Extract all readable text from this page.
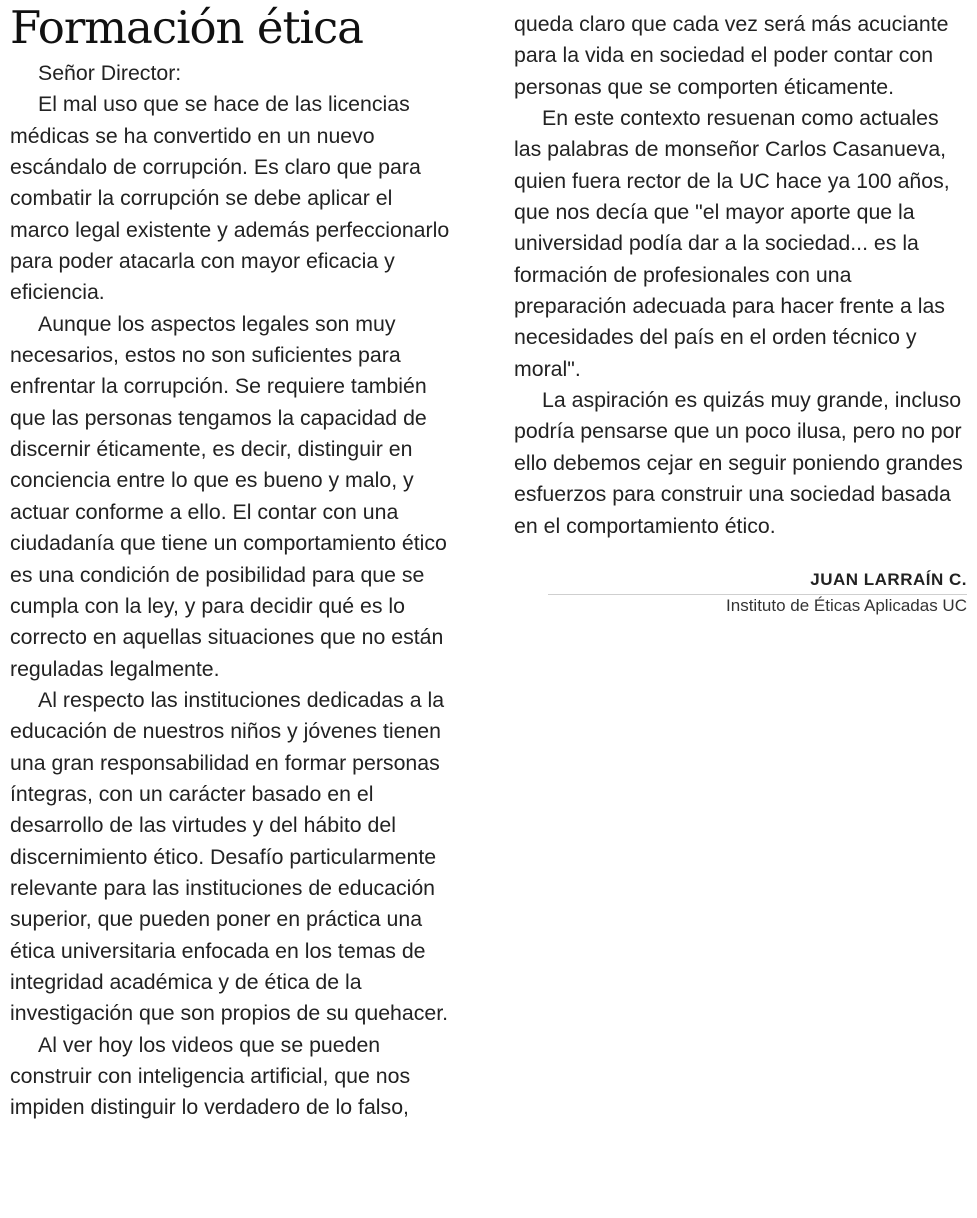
Formación ética

Señor Director:

El mal uso que se hace de las licencias médicas se ha convertido en un nuevo escándalo de corrupción. Es claro que para combatir la corrupción se debe aplicar el marco legal existente y además perfeccionarlo para poder atacarla con mayor eficacia y eficiencia.

Aunque los aspectos legales son muy necesarios, estos no son suficientes para enfrentar la corrupción. Se requiere también que las personas tengamos la capacidad de discernir éticamente, es decir, distinguir en conciencia entre lo que es bueno y malo, y actuar conforme a ello. El contar con una ciudadanía que tiene un comportamiento ético es una condición de posibilidad para que se cumpla con la ley, y para decidir qué es lo correcto en aquellas situaciones que no están reguladas legalmente.

Al respecto las instituciones dedicadas a la educación de nuestros niños y jóvenes tienen una gran responsabilidad en formar personas íntegras, con un carácter basado en el desarrollo de las virtudes y del hábito del discernimiento ético. Desafío particularmente relevante para las instituciones de educación superior, que pueden poner en práctica una ética universitaria enfocada en los temas de integridad académica y de ética de la investigación que son propios de su quehacer.

Al ver hoy los videos que se pueden construir con inteligencia artificial, que nos impiden distinguir lo verdadero de lo falso,

queda claro que cada vez será más acuciante para la vida en sociedad el poder contar con personas que se comporten éticamente.

En este contexto resuenan como actuales las palabras de monseñor Carlos Casanueva, quien fuera rector de la UC hace ya 100 años, que nos decía que "el mayor aporte que la universidad podía dar a la sociedad... es la formación de profesionales con una preparación adecuada para hacer frente a las necesidades del país en el orden técnico y moral".

La aspiración es quizás muy grande, incluso podría pensarse que un poco ilusa, pero no por ello debemos cejar en seguir poniendo grandes esfuerzos para construir una sociedad basada en el comportamiento ético.

JUAN LARRAÍN C.
Instituto de Éticas Aplicadas UC
